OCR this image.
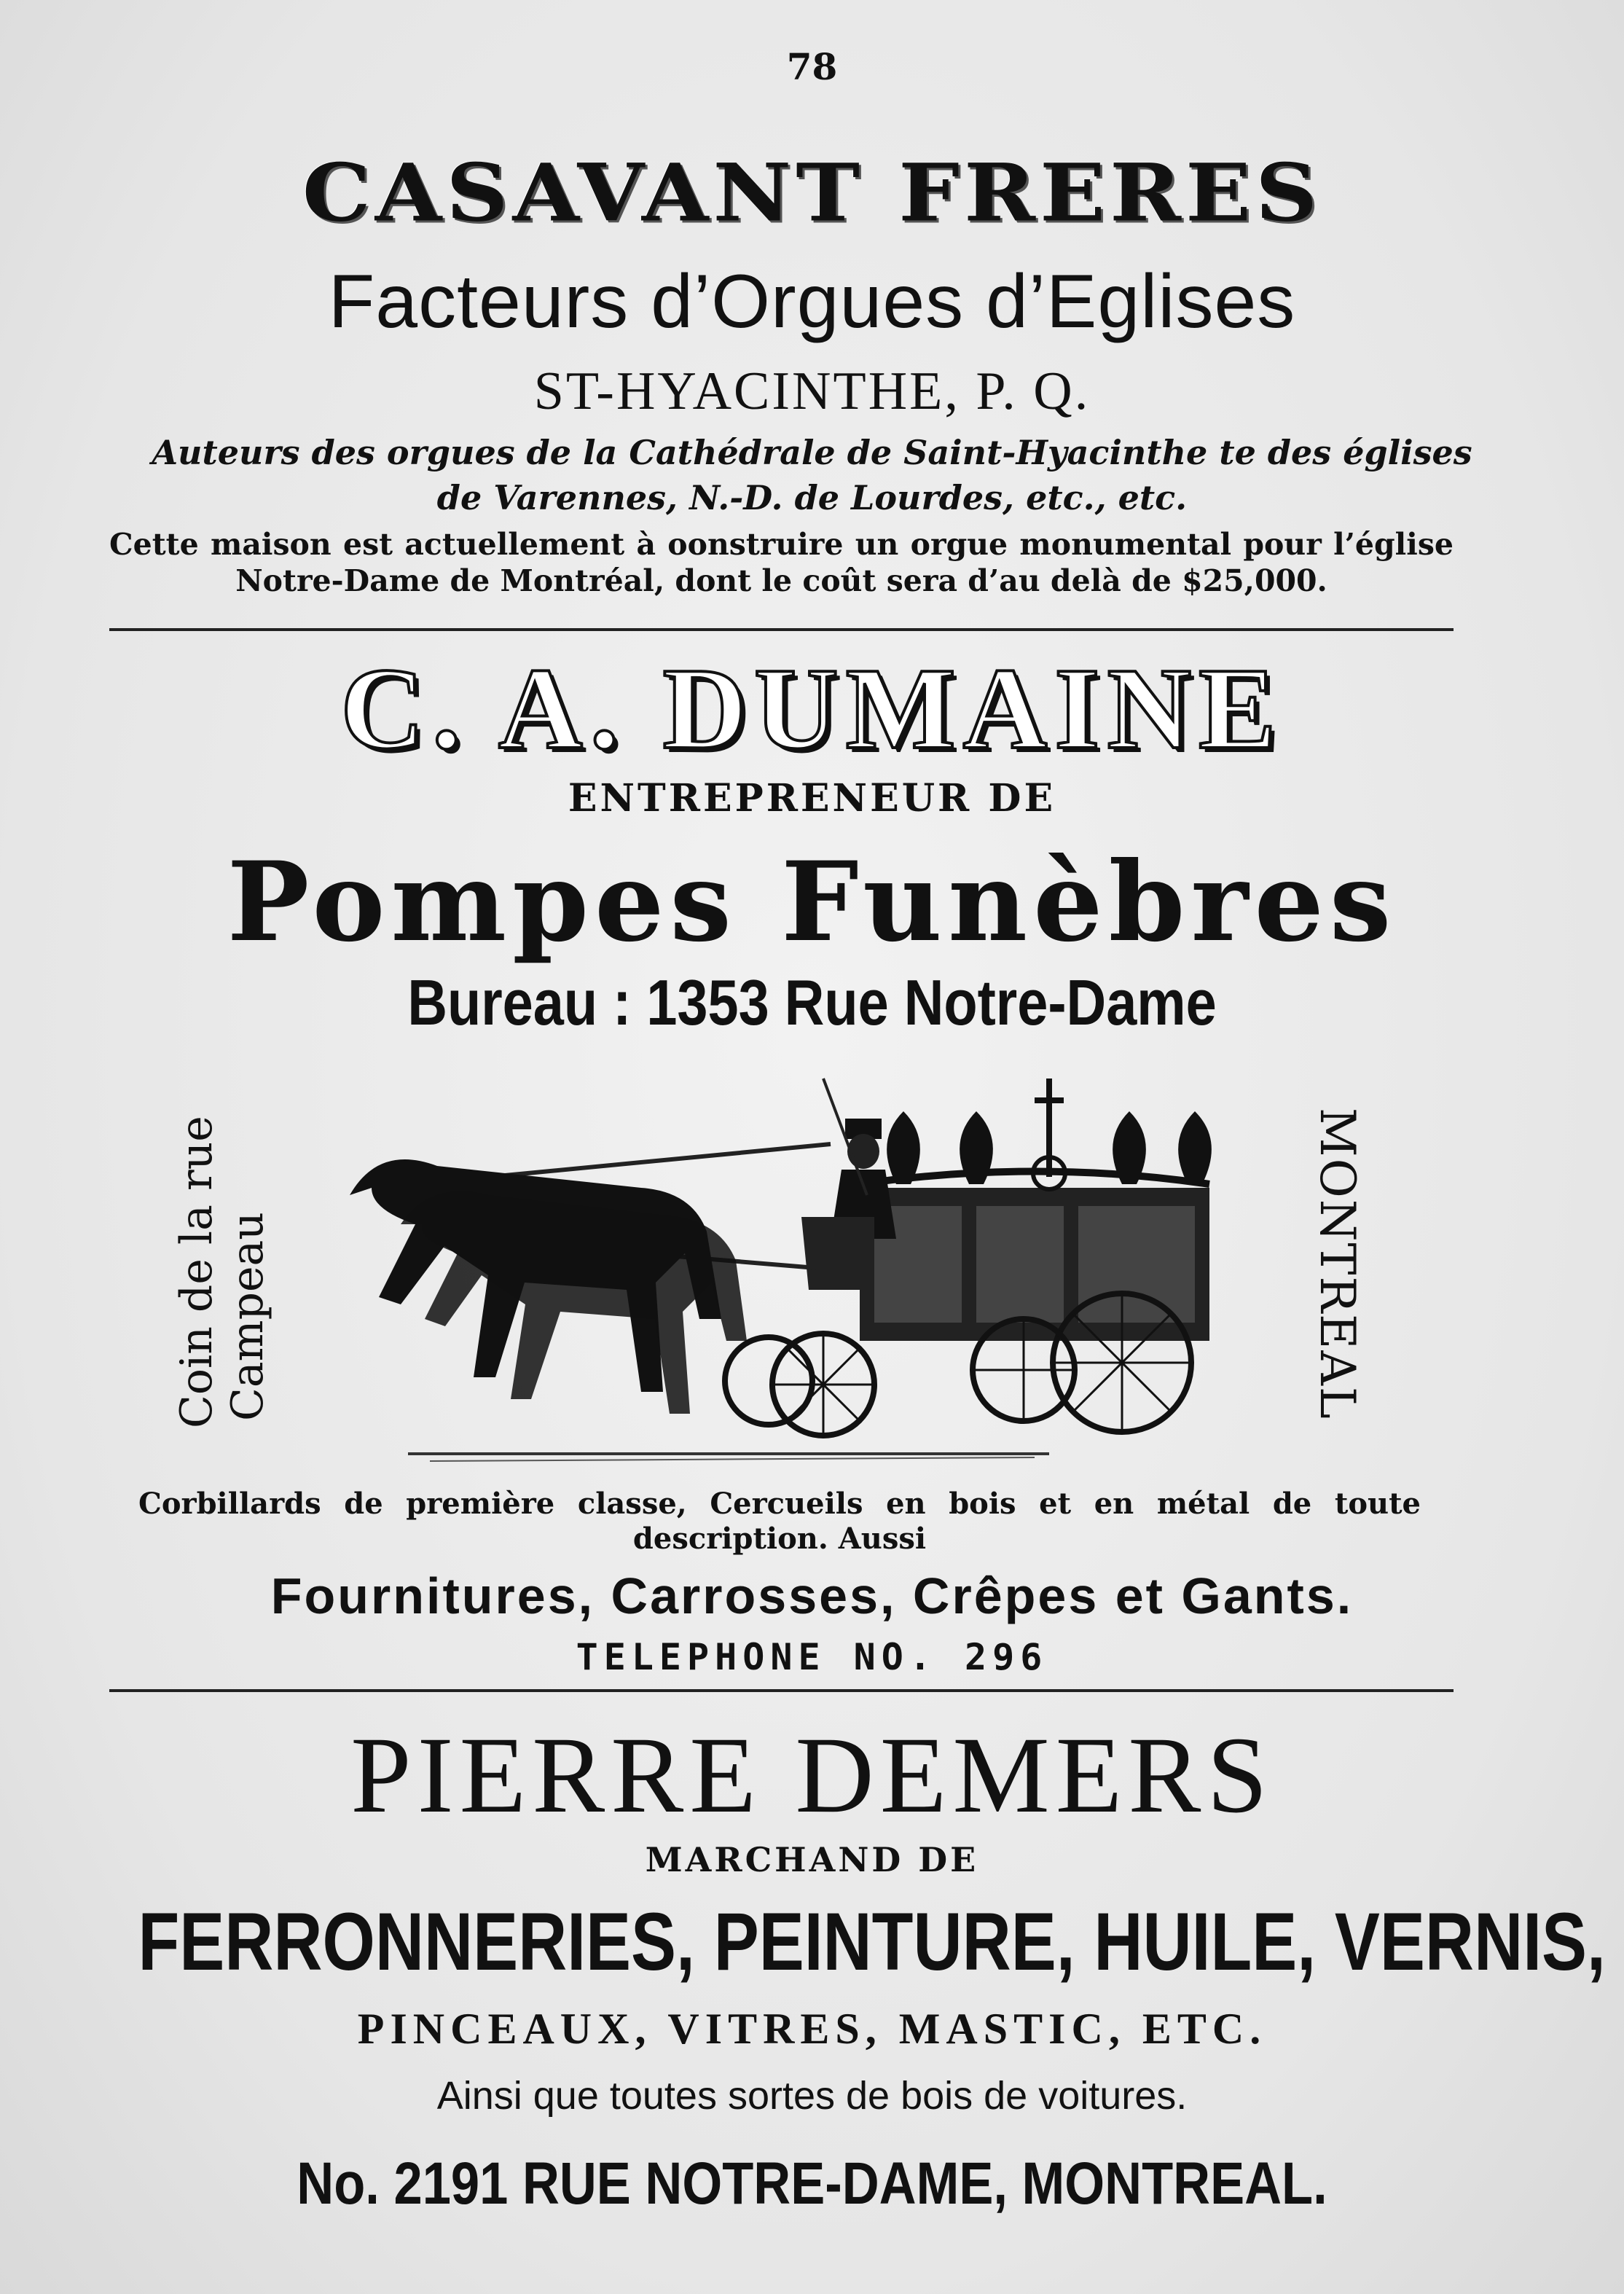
78
CASAVANT FRERES
Facteurs d’Orgues d’Eglises
ST-HYACINTHE, P. Q.
Auteurs des orgues de la Cathédrale de Saint-Hyacinthe te des églises de Varennes, N.-D. de Lourdes, etc., etc.
Cette maison est actuellement à oonstruire un orgue monumental pour l’église Notre-Dame de Montréal, dont le coût sera d’au delà de $25,000.
C. A. DUMAINE
ENTREPRENEUR DE
Pompes Funèbres
Bureau : 1353 Rue Notre-Dame
Coin de la rue Campeau	MONTREAL
Corbillards de première classe, Cercueils en bois et en métal de toute description. Aussi
Fournitures, Carrosses, Crêpes et Gants.
TELEPHONE NO. 296
PIERRE DEMERS
MARCHAND DE
FERRONNERIES, PEINTURE, HUILE, VERNIS,
PINCEAUX, VITRES, MASTIC, ETC.
Ainsi que toutes sortes de bois de voitures.
No. 2191 RUE NOTRE-DAME, MONTREAL.
